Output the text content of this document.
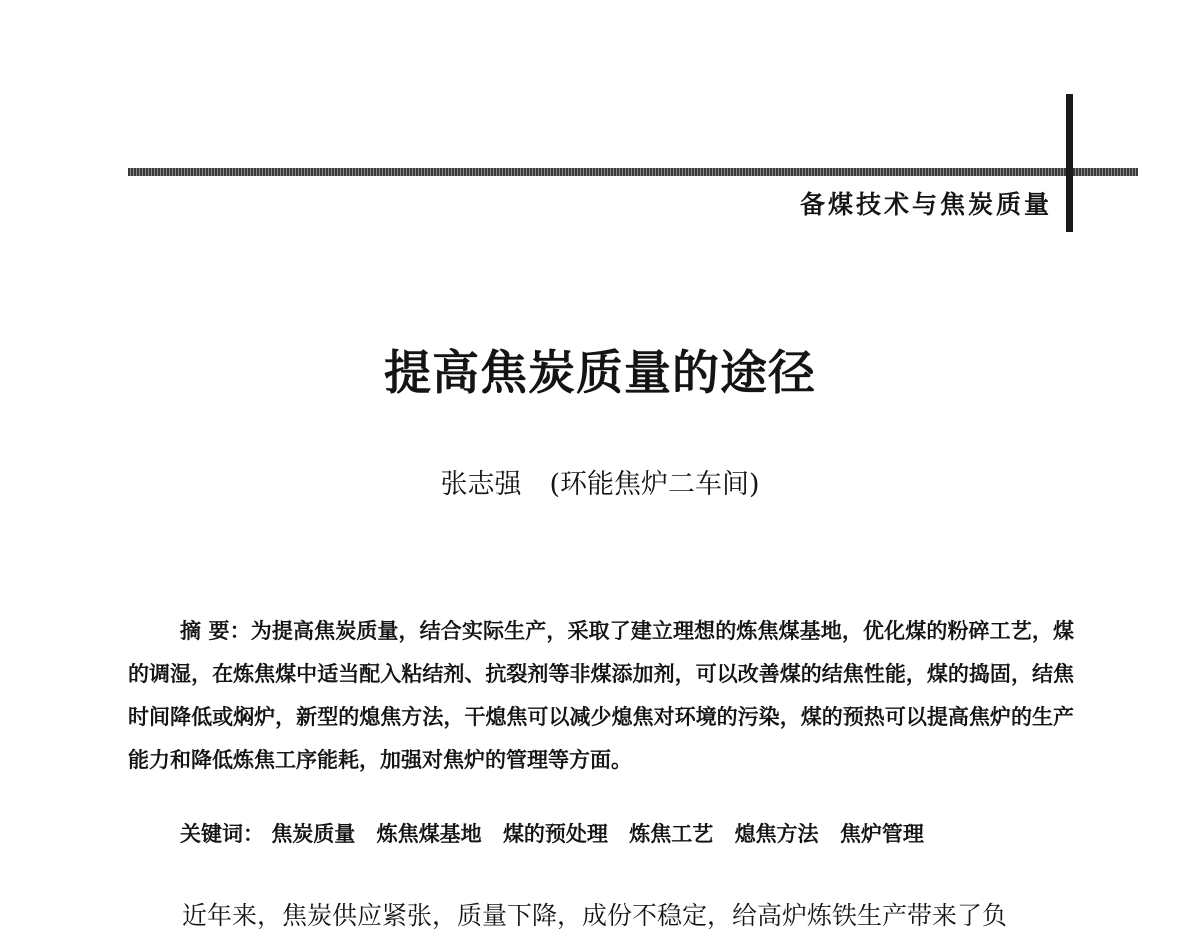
备煤技术与焦炭质量
提高焦炭质量的途径
张志强 (环能焦炉二车间)

摘 要：为提高焦炭质量，结合实际生产，采取了建立理想的炼焦煤基地，优化煤的粉碎工艺，煤的调湿，在炼焦煤中适当配入粘结剂、抗裂剂等非煤添加剂，可以改善煤的结焦性能，煤的捣固，结焦时间降低或焖炉，新型的熄焦方法，干熄焦可以减少熄焦对环境的污染，煤的预热可以提高焦炉的生产能力和降低炼焦工序能耗，加强对焦炉的管理等方面。

关键词： 焦炭质量 炼焦煤基地 煤的预处理 炼焦工艺 熄焦方法 焦炉管理

近年来，焦炭供应紧张，质量下降，成份不稳定，给高炉炼铁生产带来了负
